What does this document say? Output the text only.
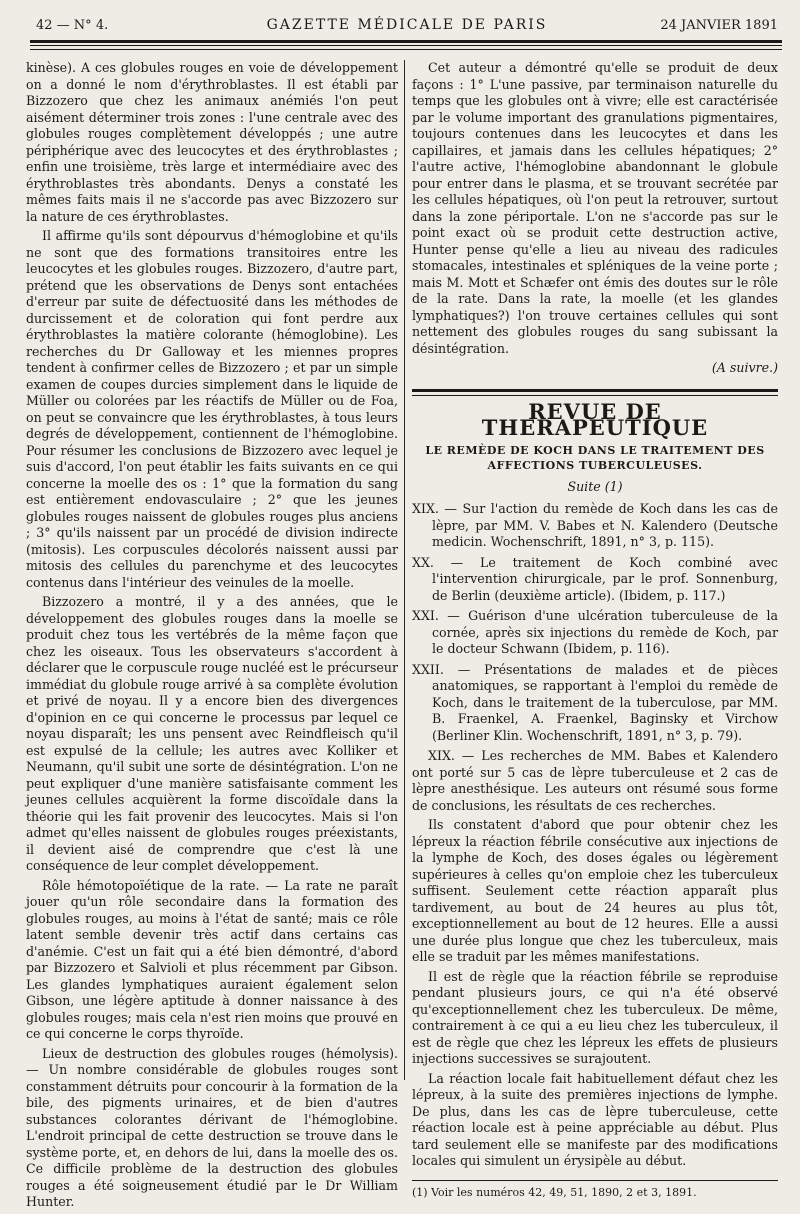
42 — N° 4.	GAZETTE MÉDICALE DE PARIS	24 JANVIER 1891

kinèse). A ces globules rouges en voie de développement on a donné le nom d'érythroblastes. Il est établi par Bizzozero que chez les animaux anémiés l'on peut aisément déterminer trois zones : l'une centrale avec des globules rouges complètement développés ; une autre périphérique avec des leucocytes et des érythroblastes ; enfin une troisième, très large et intermédiaire avec des érythroblastes très abondants. Denys a constaté les mêmes faits mais il ne s'accorde pas avec Bizzozero sur la nature de ces érythroblastes.

Il affirme qu'ils sont dépourvus d'hémoglobine et qu'ils ne sont que des formations transitoires entre les leucocytes et les globules rouges. Bizzozero, d'autre part, prétend que les observations de Denys sont entachées d'erreur par suite de défectuosité dans les méthodes de durcissement et de coloration qui font perdre aux érythroblastes la matière colorante (hémoglobine). Les recherches du Dr Galloway et les miennes propres tendent à confirmer celles de Bizzozero ; et par un simple examen de coupes durcies simplement dans le liquide de Müller ou colorées par les réactifs de Müller ou de Foa, on peut se convaincre que les érythroblastes, à tous leurs degrés de développement, contiennent de l'hémoglobine. Pour résumer les conclusions de Bizzozero avec lequel je suis d'accord, l'on peut établir les faits suivants en ce qui concerne la moelle des os : 1° que la formation du sang est entièrement endovasculaire ; 2° que les jeunes globules rouges naissent de globules rouges plus anciens ; 3° qu'ils naissent par un procédé de division indirecte (mitosis). Les corpuscules décolorés naissent aussi par mitosis des cellules du parenchyme et des leucocytes contenus dans l'intérieur des veinules de la moelle.

Bizzozero a montré, il y a des années, que le développement des globules rouges dans la moelle se produit chez tous les vertébrés de la même façon que chez les oiseaux. Tous les observateurs s'accordent à déclarer que le corpuscule rouge nucléé est le précurseur immédiat du globule rouge arrivé à sa complète évolution et privé de noyau. Il y a encore bien des divergences d'opinion en ce qui concerne le processus par lequel ce noyau disparaît; les uns pensent avec Reindfleisch qu'il est expulsé de la cellule; les autres avec Kolliker et Neumann, qu'il subit une sorte de désintégration. L'on ne peut expliquer d'une manière satisfaisante comment les jeunes cellules acquièrent la forme discoïdale dans la théorie qui les fait provenir des leucocytes. Mais si l'on admet qu'elles naissent de globules rouges préexistants, il devient aisé de comprendre que c'est là une conséquence de leur complet développement.

Rôle hémotopoïétique de la rate. — La rate ne paraît jouer qu'un rôle secondaire dans la formation des globules rouges, au moins à l'état de santé; mais ce rôle latent semble devenir très actif dans certains cas d'anémie. C'est un fait qui a été bien démontré, d'abord par Bizzozero et Salvioli et plus récemment par Gibson. Les glandes lymphatiques auraient également selon Gibson, une légère aptitude à donner naissance à des globules rouges; mais cela n'est rien moins que prouvé en ce qui concerne le corps thyroïde.

Lieux de destruction des globules rouges (hémolysis). — Un nombre considérable de globules rouges sont constamment détruits pour concourir à la formation de la bile, des pigments urinaires, et de bien d'autres substances colorantes dérivant de l'hémoglobine. L'endroit principal de cette destruction se trouve dans le système porte, et, en dehors de lui, dans la moelle des os. Ce difficile problème de la destruction des globules rouges a été soigneusement étudié par le Dr William Hunter.

Cet auteur a démontré qu'elle se produit de deux façons : 1° L'une passive, par terminaison naturelle du temps que les globules ont à vivre; elle est caractérisée par le volume important des granulations pigmentaires, toujours contenues dans les leucocytes et dans les capillaires, et jamais dans les cellules hépatiques; 2° l'autre active, l'hémoglobine abandonnant le globule pour entrer dans le plasma, et se trouvant secrétée par les cellules hépatiques, où l'on peut la retrouver, surtout dans la zone périportale. L'on ne s'accorde pas sur le point exact où se produit cette destruction active, Hunter pense qu'elle a lieu au niveau des radicules stomacales, intestinales et spléniques de la veine porte ; mais M. Mott et Schæfer ont émis des doutes sur le rôle de la rate. Dans la rate, la moelle (et les glandes lymphatiques?) l'on trouve certaines cellules qui sont nettement des globules rouges du sang subissant la désintégration.

(A suivre.)
REVUE DE THERAPEUTIQUE
LE REMÈDE DE KOCH DANS LE TRAITEMENT DES AFFECTIONS TUBERCULEUSES.
Suite (1)
XIX. — Sur l'action du remède de Koch dans les cas de lèpre, par MM. V. Babes et N. Kalendero (Deutsche medicin. Wochenschrift, 1891, n° 3, p. 115).
XX. — Le traitement de Koch combiné avec l'intervention chirurgicale, par le prof. Sonnenburg, de Berlin (deuxième article). (Ibidem, p. 117.)
XXI. — Guérison d'une ulcération tuberculeuse de la cornée, après six injections du remède de Koch, par le docteur Schwann (Ibidem, p. 116).
XXII. — Présentations de malades et de pièces anatomiques, se rapportant à l'emploi du remède de Koch, dans le traitement de la tuberculose, par MM. B. Fraenkel, A. Fraenkel, Baginsky et Virchow (Berliner Klin. Wochenschrift, 1891, n° 3, p. 79).

XIX. — Les recherches de MM. Babes et Kalendero ont porté sur 5 cas de lèpre tuberculeuse et 2 cas de lèpre anesthésique. Les auteurs ont résumé sous forme de conclusions, les résultats de ces recherches.

Ils constatent d'abord que pour obtenir chez les lépreux la réaction fébrile consécutive aux injections de la lymphe de Koch, des doses égales ou légèrement supérieures à celles qu'on emploie chez les tuberculeux suffisent. Seulement cette réaction apparaît plus tardivement, au bout de 24 heures au plus tôt, exceptionnellement au bout de 12 heures. Elle a aussi une durée plus longue que chez les tuberculeux, mais elle se traduit par les mêmes manifestations.

Il est de règle que la réaction fébrile se reproduise pendant plusieurs jours, ce qui n'a été observé qu'exceptionnellement chez les tuberculeux. De même, contrairement à ce qui a eu lieu chez les tuberculeux, il est de règle que chez les lépreux les effets de plusieurs injections successives se surajoutent.

La réaction locale fait habituellement défaut chez les lépreux, à la suite des premières injections de lymphe. De plus, dans les cas de lèpre tuberculeuse, cette réaction locale est à peine appréciable au début. Plus tard seulement elle se manifeste par des modifications locales qui simulent un érysipèle au début.

(1) Voir les numéros 42, 49, 51, 1890, 2 et 3, 1891.
